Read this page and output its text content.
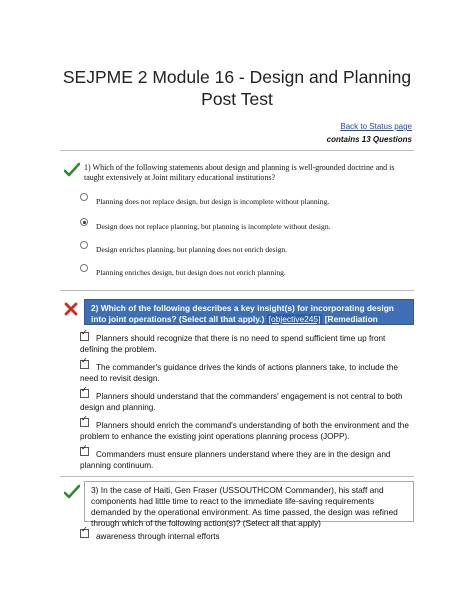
SEJPME 2 Module 16 - Design and Planning
Post Test
Back to Status page
contains 13 Questions
1) Which of the following statements about design and planning is well-grounded doctrine and is taught extensively at Joint military educational institutions?
Planning does not replace design, but design is incomplete without planning.
Design does not replace planning, but planning is incomplete without design.
Design enriches planning, but planning does not enrich design.
Planning enriches design, but design does not enrich planning.
2) Which of the following describes a key insight(s) for incorporating design into joint operations? (Select all that apply.) [objective245] [Remediation Accessed :N]
✓
Planners should recognize that there is no need to spend sufficient time up front defining the problem.
✓
The commander's guidance drives the kinds of actions planners take, to include the need to revisit design.
✓
Planners should understand that the commanders' engagement is not central to both design and planning.
✓
Planners should enrich the command's understanding of both the environment and the problem to enhance the existing joint operations planning process (JOPP).
✓
Commanders must ensure planners understand where they are in the design and planning continuum.
3) In the case of Haiti, Gen Fraser (USSOUTHCOM Commander), his staff and components had little time to react to the immediate life-saving requirements demanded by the operational environment. As time passed, the design was refined through which of the following action(s)? (Select all that apply)
✓
awareness through internal efforts
